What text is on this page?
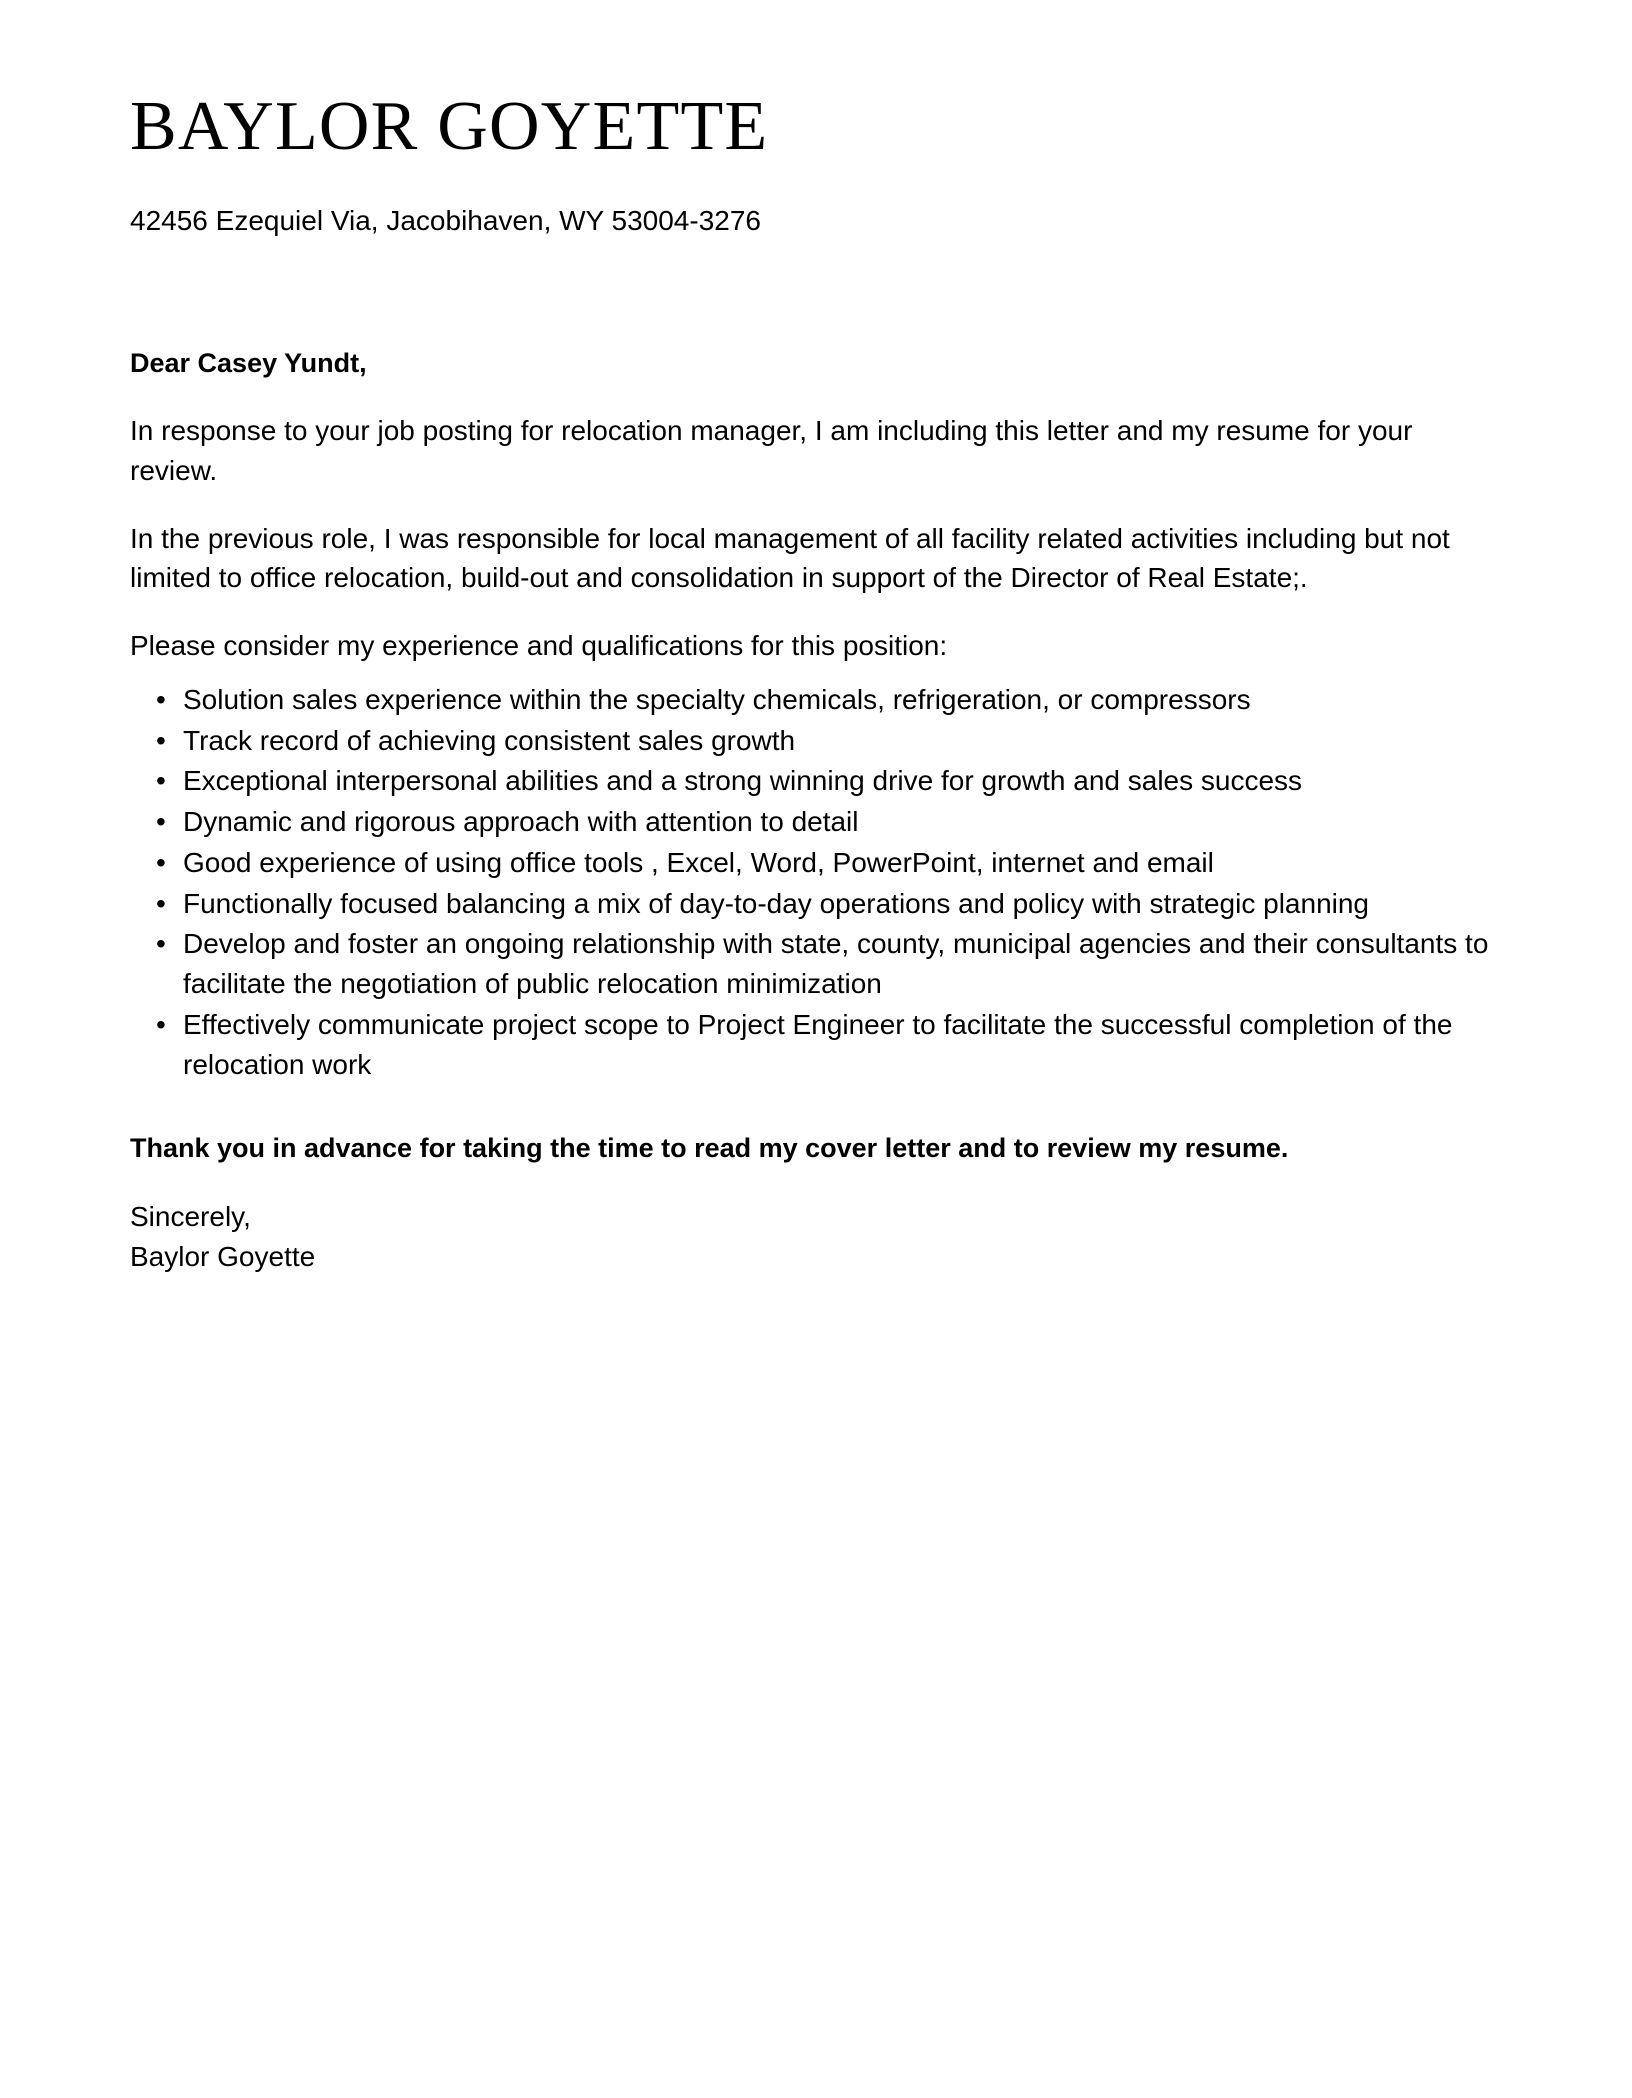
BAYLOR GOYETTE

42456 Ezequiel Via, Jacobihaven, WY 53004-3276

Dear Casey Yundt,

In response to your job posting for relocation manager, I am including this letter and my resume for your review.

In the previous role, I was responsible for local management of all facility related activities including but not limited to office relocation, build-out and consolidation in support of the Director of Real Estate;.

Please consider my experience and qualifications for this position:

• Solution sales experience within the specialty chemicals, refrigeration, or compressors
• Track record of achieving consistent sales growth
• Exceptional interpersonal abilities and a strong winning drive for growth and sales success
• Dynamic and rigorous approach with attention to detail
• Good experience of using office tools , Excel, Word, PowerPoint, internet and email
• Functionally focused balancing a mix of day-to-day operations and policy with strategic planning
• Develop and foster an ongoing relationship with state, county, municipal agencies and their consultants to facilitate the negotiation of public relocation minimization
• Effectively communicate project scope to Project Engineer to facilitate the successful completion of the relocation work

Thank you in advance for taking the time to read my cover letter and to review my resume.

Sincerely,
Baylor Goyette
